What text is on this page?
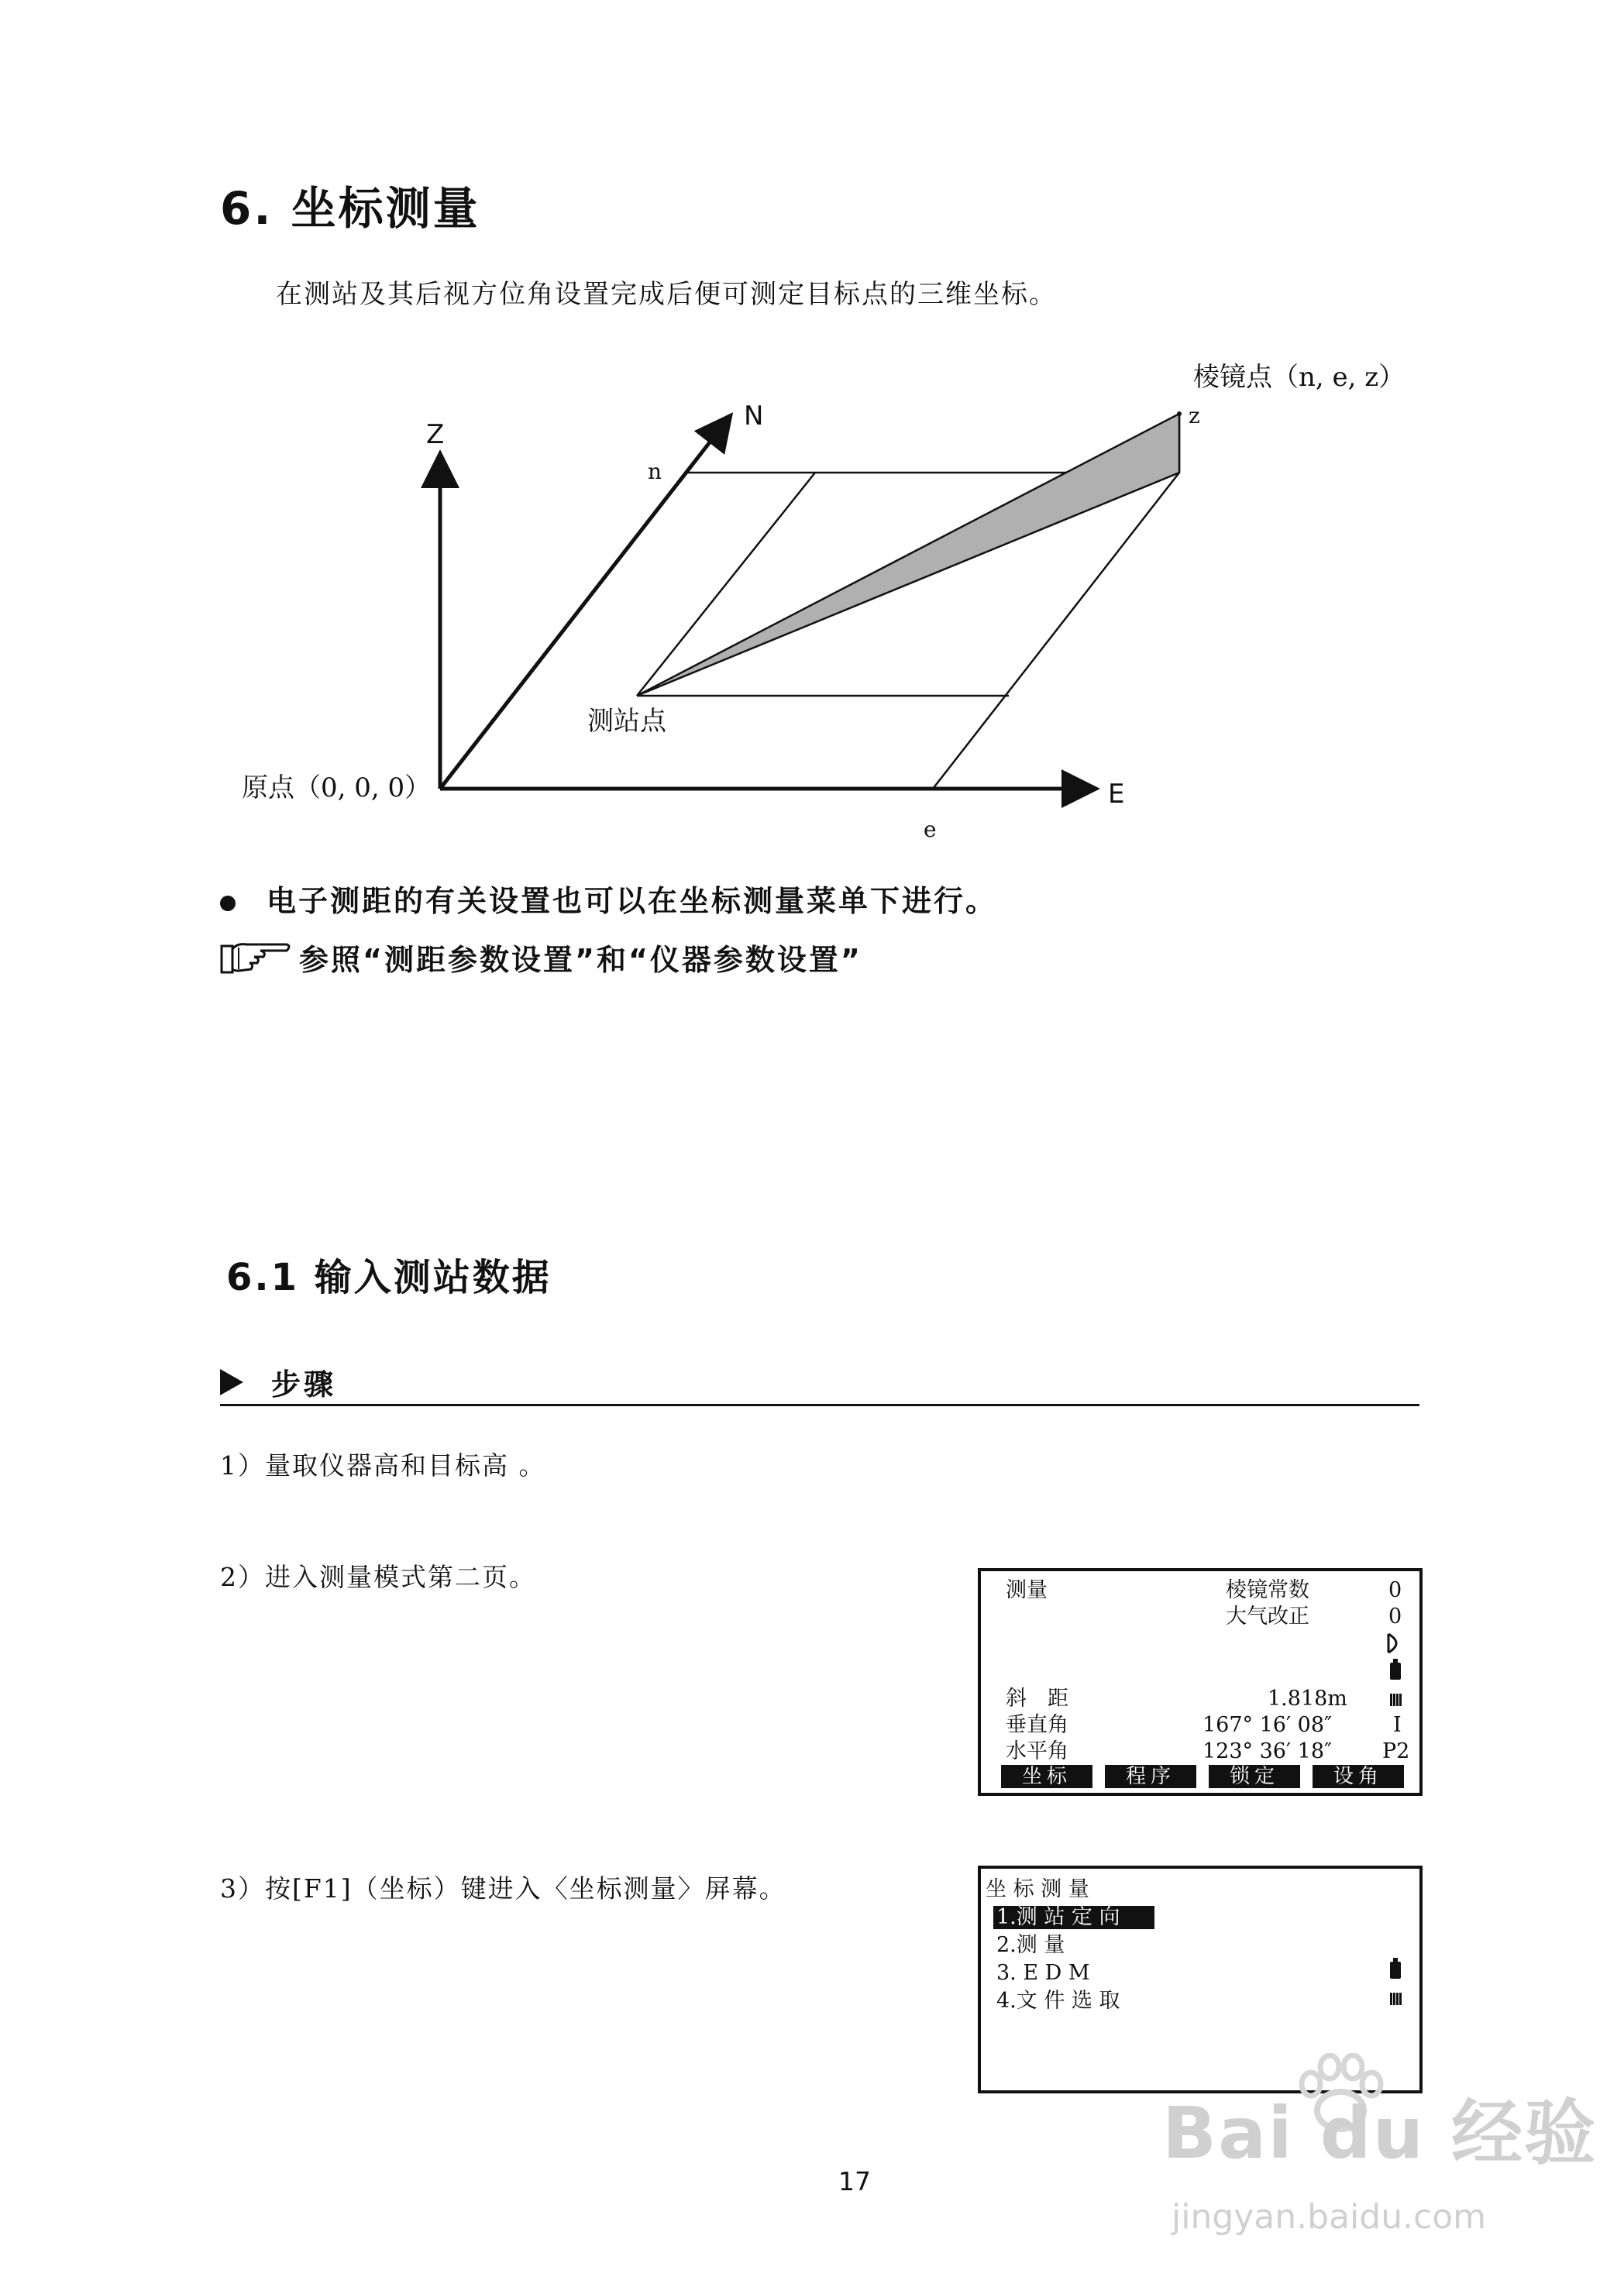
6. 坐标测量
在测站及其后视方位角设置完成后便可测定目标点的三维坐标。
棱镜点（n, e, z）
z
Z
N
E
n
e
测站点
原点（0, 0, 0）
电子测距的有关设置也可以在坐标测量菜单下进行。
参照“测距参数设置”和“仪器参数设置”
6.1 输入测站数据
步骤
1）量取仪器高和目标高 。
2）进入测量模式第二页。
3）按[F1]（坐标）键进入〈坐标测量〉屏幕。
测量	棱镜常数	0
大气改正	0
斜　距	1.818m
垂直角	167° 16′ 08″	I
水平角	123° 36′ 18″ P2
坐标	程序	锁定	设角
坐 标 测 量
1.测 站 定 向
2.测 量
3. E D M
4.文 件 选 取
17
Bai du 经验
jingyan.baidu.com
